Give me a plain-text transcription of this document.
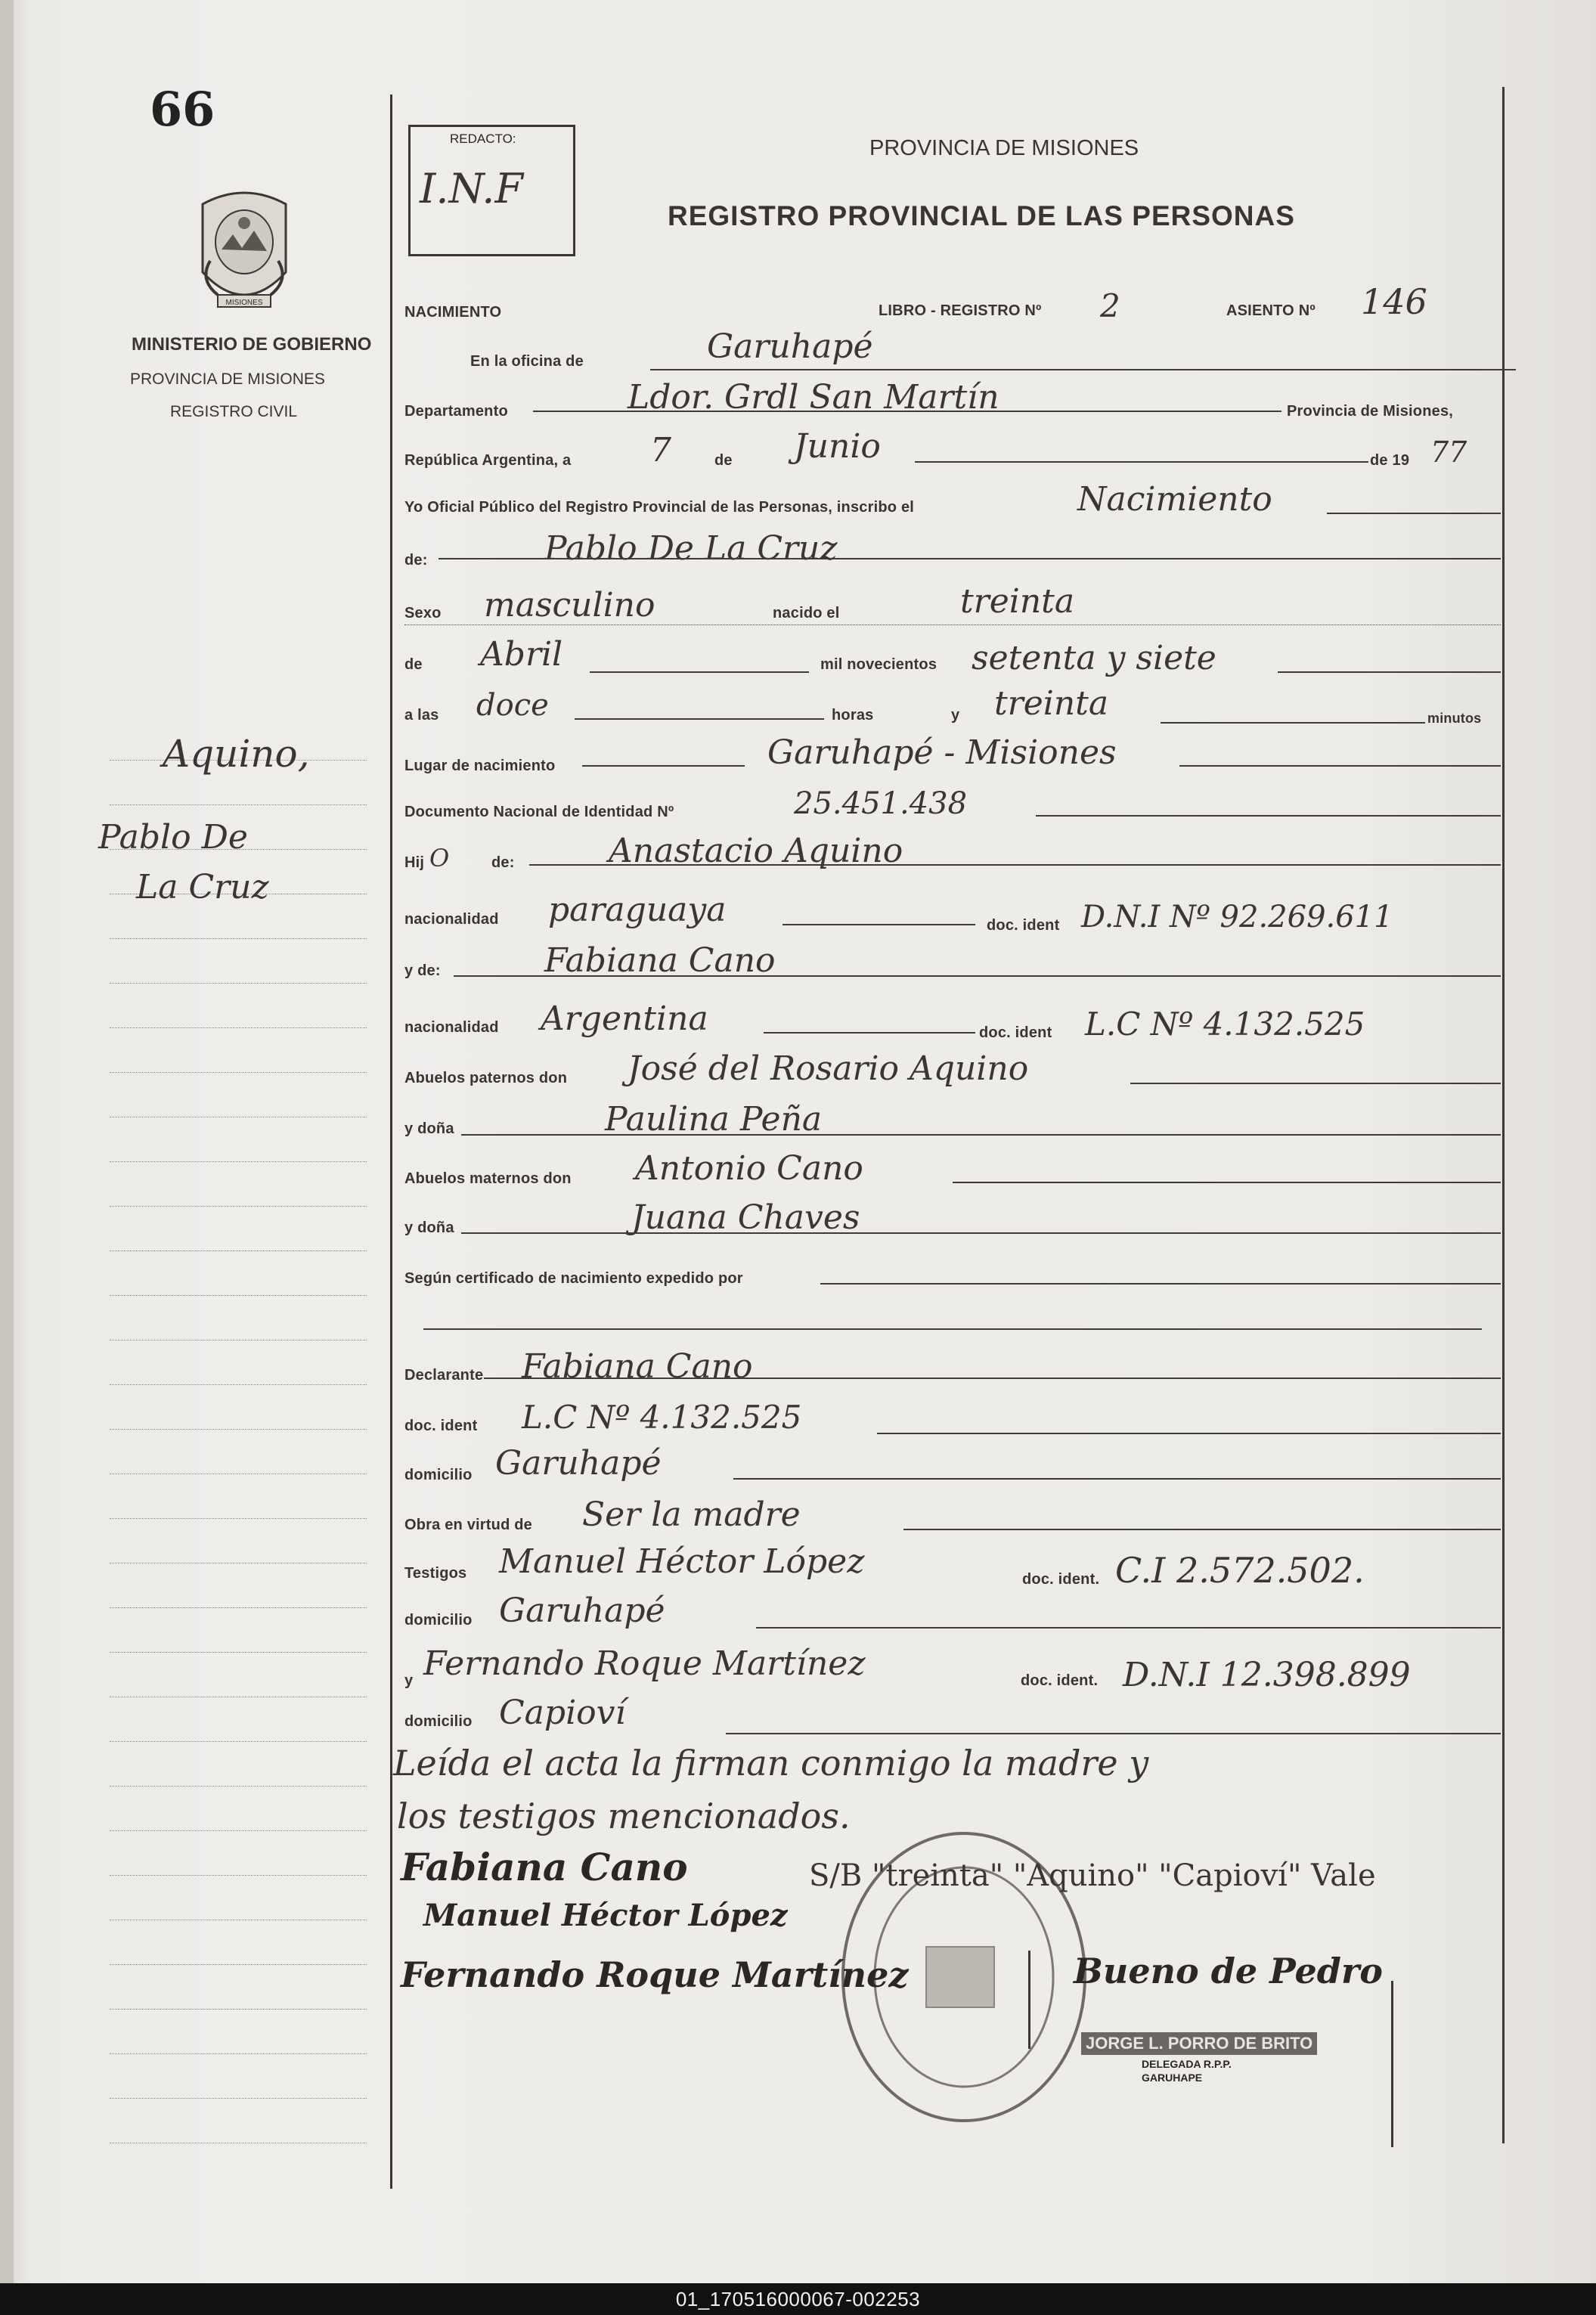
66
MISIONES
MINISTERIO DE GOBIERNO
PROVINCIA DE MISIONES
REGISTRO CIVIL
Aquino,
Pablo De
La Cruz
REDACTO:
I.N.F
PROVINCIA DE MISIONES
REGISTRO PROVINCIAL DE LAS PERSONAS
NACIMIENTO	LIBRO - REGISTRO Nº 2	ASIENTO Nº 146
En la oficina de	Garuhapé
Departamento	Ldor. Grdl San Martín	Provincia de Misiones,
República Argentina, a 7	de Junio	de 19 77
Yo Oficial Público del Registro Provincial de las Personas, inscribo el	Nacimiento
de:	Pablo De La Cruz
Sexo masculino	nacido el	treinta
de Abril	mil novecientos setenta y siete
a las doce	horas	y treinta	minutos
Lugar de nacimiento	Garuhapé - Misiones
Documento Nacional de Identidad Nº	25.451.438
Hij O	de:	Anastacio Aquino
nacionalidad paraguaya	doc. ident D.N.I Nº 92.269.611
y de:	Fabiana Cano
nacionalidad Argentina	doc. ident L.C Nº 4.132.525
Abuelos paternos don José del Rosario Aquino
y doña	Paulina Peña
Abuelos maternos don Antonio Cano
y doña	Juana Chaves
Según certificado de nacimiento expedido por
Declarante Fabiana Cano
doc. ident L.C Nº 4.132.525
domicilio Garuhapé
Obra en virtud de Ser la madre
Testigos Manuel Héctor López	doc. ident. C.I 2.572.502.
domicilio Garuhapé
y Fernando Roque Martínez	doc. ident. D.N.I 12.398.899
domicilio Capioví
Leída el acta la firman conmigo la madre y
los testigos mencionados.
Fabiana Cano	S/B "treinta" "Aquino" "Capioví" Vale
Manuel Héctor López
Fernando Roque Martínez	Bueno de Pedro
JORGE L. PORRO DE BRITO
DELEGADA R.P.P.
GARUHAPE
01_170516000067-002253
